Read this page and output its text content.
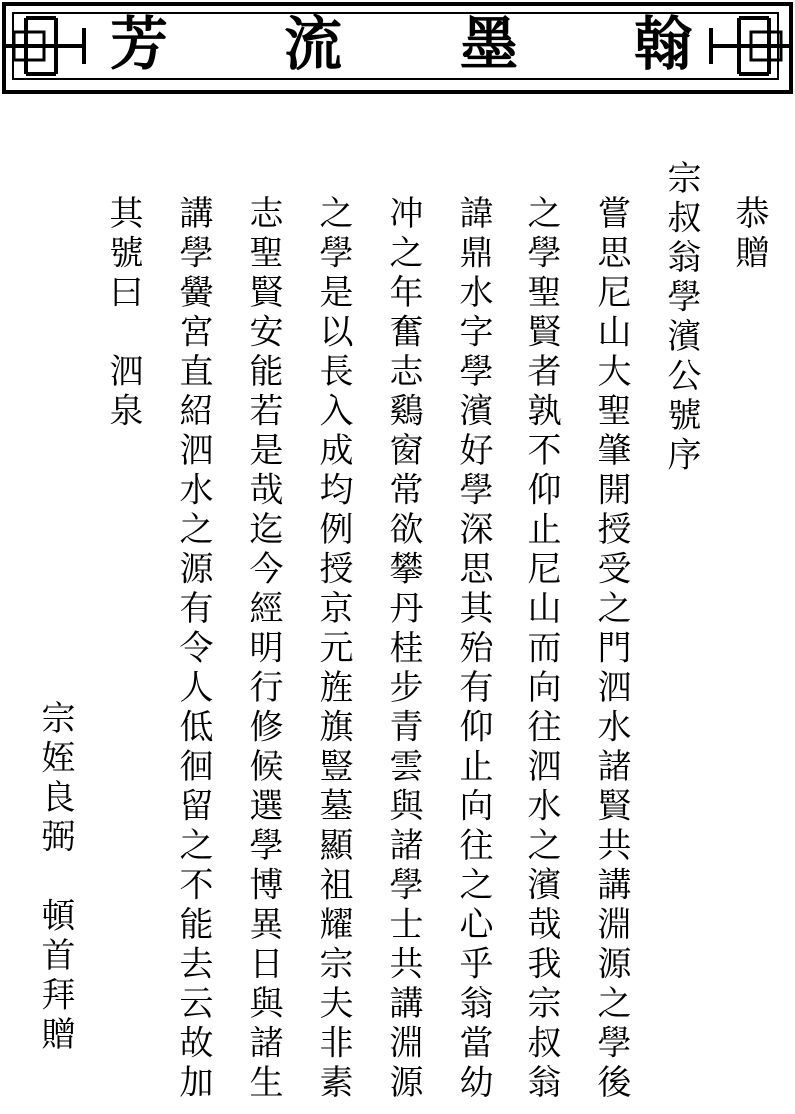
芳 流 墨 翰
恭贈
宗叔翁學濱公號序
嘗思尼山大聖肇開授受之門泗水諸賢共講淵源之學後
之學聖賢者孰不仰止尼山而向往泗水之濱哉我宗叔翁
諱鼎水字學濱好學深思其殆有仰止向往之心乎翁當幼
冲之年奮志鷄窗常欲攀丹桂步青雲與諸學士共講淵源
之學是以長入成均例授京元旌旗豎墓顯祖耀宗夫非素
志聖賢安能若是哉迄今經明行修候選學博異日與諸生
講學黌宮直紹泗水之源有令人低徊留之不能去云故加
其號曰　泗泉
宗姪良弼　頓首拜贈
